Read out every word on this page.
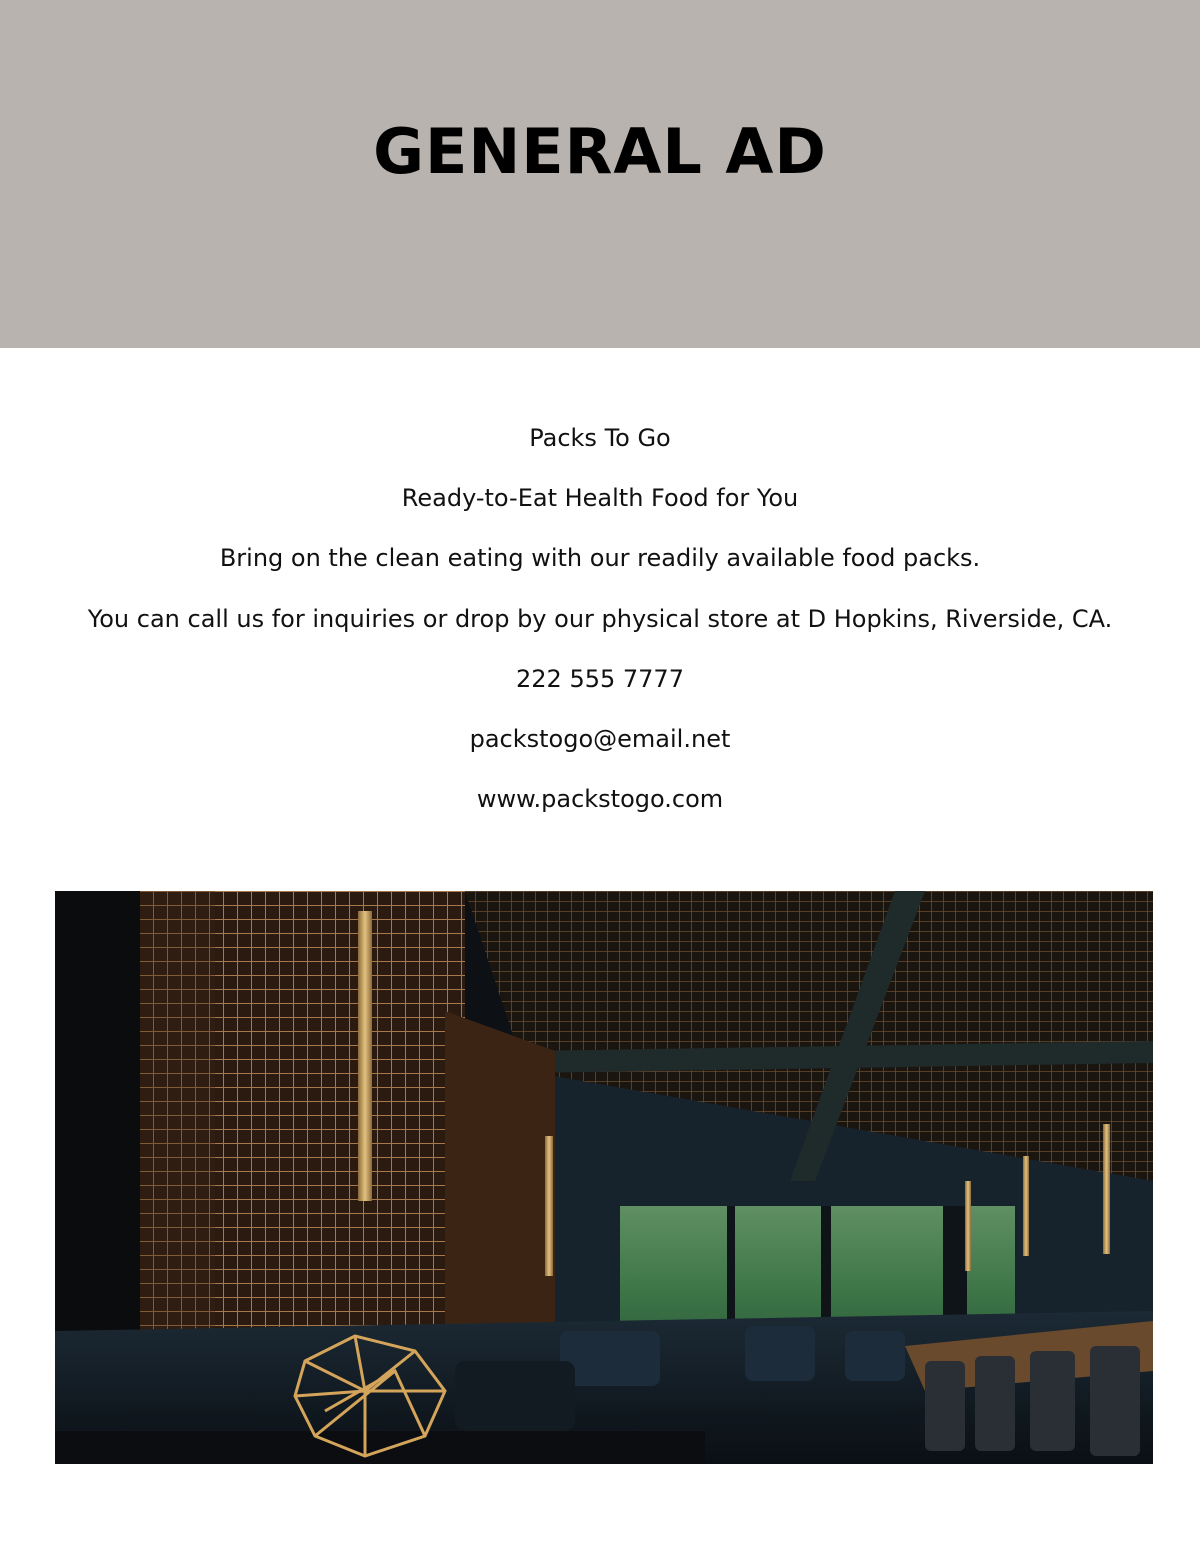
GENERAL AD

Packs To Go

Ready-to-Eat Health Food for You

Bring on the clean eating with our readily available food packs.

You can call us for inquiries or drop by our physical store at D Hopkins, Riverside, CA.

222 555 7777

packstogo@email.net

www.packstogo.com
